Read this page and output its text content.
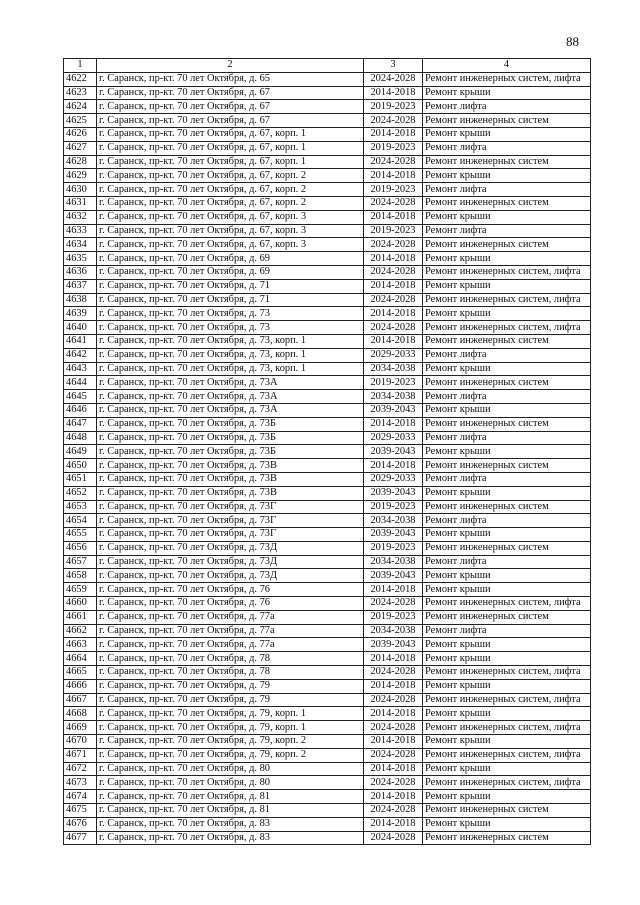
88
1	2	3	4
4622	г. Саранск, пр-кт. 70 лет Октября, д. 65	2024-2028	Ремонт инженерных систем, лифта
4623	г. Саранск, пр-кт. 70 лет Октября, д. 67	2014-2018	Ремонт крыши
4624	г. Саранск, пр-кт. 70 лет Октября, д. 67	2019-2023	Ремонт лифта
4625	г. Саранск, пр-кт. 70 лет Октября, д. 67	2024-2028	Ремонт инженерных систем
4626	г. Саранск, пр-кт. 70 лет Октября, д. 67, корп. 1	2014-2018	Ремонт крыши
4627	г. Саранск, пр-кт. 70 лет Октября, д. 67, корп. 1	2019-2023	Ремонт лифта
4628	г. Саранск, пр-кт. 70 лет Октября, д. 67, корп. 1	2024-2028	Ремонт инженерных систем
4629	г. Саранск, пр-кт. 70 лет Октября, д. 67, корп. 2	2014-2018	Ремонт крыши
4630	г. Саранск, пр-кт. 70 лет Октября, д. 67, корп. 2	2019-2023	Ремонт лифта
4631	г. Саранск, пр-кт. 70 лет Октября, д. 67, корп. 2	2024-2028	Ремонт инженерных систем
4632	г. Саранск, пр-кт. 70 лет Октября, д. 67, корп. 3	2014-2018	Ремонт крыши
4633	г. Саранск, пр-кт. 70 лет Октября, д. 67, корп. 3	2019-2023	Ремонт лифта
4634	г. Саранск, пр-кт. 70 лет Октября, д. 67, корп. 3	2024-2028	Ремонт инженерных систем
4635	г. Саранск, пр-кт. 70 лет Октября, д. 69	2014-2018	Ремонт крыши
4636	г. Саранск, пр-кт. 70 лет Октября, д. 69	2024-2028	Ремонт инженерных систем, лифта
4637	г. Саранск, пр-кт. 70 лет Октября, д. 71	2014-2018	Ремонт крыши
4638	г. Саранск, пр-кт. 70 лет Октября, д. 71	2024-2028	Ремонт инженерных систем, лифта
4639	г. Саранск, пр-кт. 70 лет Октября, д. 73	2014-2018	Ремонт крыши
4640	г. Саранск, пр-кт. 70 лет Октября, д. 73	2024-2028	Ремонт инженерных систем, лифта
4641	г. Саранск, пр-кт. 70 лет Октября, д. 73, корп. 1	2014-2018	Ремонт инженерных систем
4642	г. Саранск, пр-кт. 70 лет Октября, д. 73, корп. 1	2029-2033	Ремонт лифта
4643	г. Саранск, пр-кт. 70 лет Октября, д. 73, корп. 1	2034-2038	Ремонт крыши
4644	г. Саранск, пр-кт. 70 лет Октября, д. 73А	2019-2023	Ремонт инженерных систем
4645	г. Саранск, пр-кт. 70 лет Октября, д. 73А	2034-2038	Ремонт лифта
4646	г. Саранск, пр-кт. 70 лет Октября, д. 73А	2039-2043	Ремонт крыши
4647	г. Саранск, пр-кт. 70 лет Октября, д. 73Б	2014-2018	Ремонт инженерных систем
4648	г. Саранск, пр-кт. 70 лет Октября, д. 73Б	2029-2033	Ремонт лифта
4649	г. Саранск, пр-кт. 70 лет Октября, д. 73Б	2039-2043	Ремонт крыши
4650	г. Саранск, пр-кт. 70 лет Октября, д. 73В	2014-2018	Ремонт инженерных систем
4651	г. Саранск, пр-кт. 70 лет Октября, д. 73В	2029-2033	Ремонт лифта
4652	г. Саранск, пр-кт. 70 лет Октября, д. 73В	2039-2043	Ремонт крыши
4653	г. Саранск, пр-кт. 70 лет Октября, д. 73Г	2019-2023	Ремонт инженерных систем
4654	г. Саранск, пр-кт. 70 лет Октября, д. 73Г	2034-2038	Ремонт лифта
4655	г. Саранск, пр-кт. 70 лет Октября, д. 73Г	2039-2043	Ремонт крыши
4656	г. Саранск, пр-кт. 70 лет Октября, д. 73Д	2019-2023	Ремонт инженерных систем
4657	г. Саранск, пр-кт. 70 лет Октября, д. 73Д	2034-2038	Ремонт лифта
4658	г. Саранск, пр-кт. 70 лет Октября, д. 73Д	2039-2043	Ремонт крыши
4659	г. Саранск, пр-кт. 70 лет Октября, д. 76	2014-2018	Ремонт крыши
4660	г. Саранск, пр-кт. 70 лет Октября, д. 76	2024-2028	Ремонт инженерных систем, лифта
4661	г. Саранск, пр-кт. 70 лет Октября, д. 77а	2019-2023	Ремонт инженерных систем
4662	г. Саранск, пр-кт. 70 лет Октября, д. 77а	2034-2038	Ремонт лифта
4663	г. Саранск, пр-кт. 70 лет Октября, д. 77а	2039-2043	Ремонт крыши
4664	г. Саранск, пр-кт. 70 лет Октября, д. 78	2014-2018	Ремонт крыши
4665	г. Саранск, пр-кт. 70 лет Октября, д. 78	2024-2028	Ремонт инженерных систем, лифта
4666	г. Саранск, пр-кт. 70 лет Октября, д. 79	2014-2018	Ремонт крыши
4667	г. Саранск, пр-кт. 70 лет Октября, д. 79	2024-2028	Ремонт инженерных систем, лифта
4668	г. Саранск, пр-кт. 70 лет Октября, д. 79, корп. 1	2014-2018	Ремонт крыши
4669	г. Саранск, пр-кт. 70 лет Октября, д. 79, корп. 1	2024-2028	Ремонт инженерных систем, лифта
4670	г. Саранск, пр-кт. 70 лет Октября, д. 79, корп. 2	2014-2018	Ремонт крыши
4671	г. Саранск, пр-кт. 70 лет Октября, д. 79, корп. 2	2024-2028	Ремонт инженерных систем, лифта
4672	г. Саранск, пр-кт. 70 лет Октября, д. 80	2014-2018	Ремонт крыши
4673	г. Саранск, пр-кт. 70 лет Октября, д. 80	2024-2028	Ремонт инженерных систем, лифта
4674	г. Саранск, пр-кт. 70 лет Октября, д. 81	2014-2018	Ремонт крыши
4675	г. Саранск, пр-кт. 70 лет Октября, д. 81	2024-2028	Ремонт инженерных систем
4676	г. Саранск, пр-кт. 70 лет Октября, д. 83	2014-2018	Ремонт крыши
4677	г. Саранск, пр-кт. 70 лет Октября, д. 83	2024-2028	Ремонт инженерных систем
